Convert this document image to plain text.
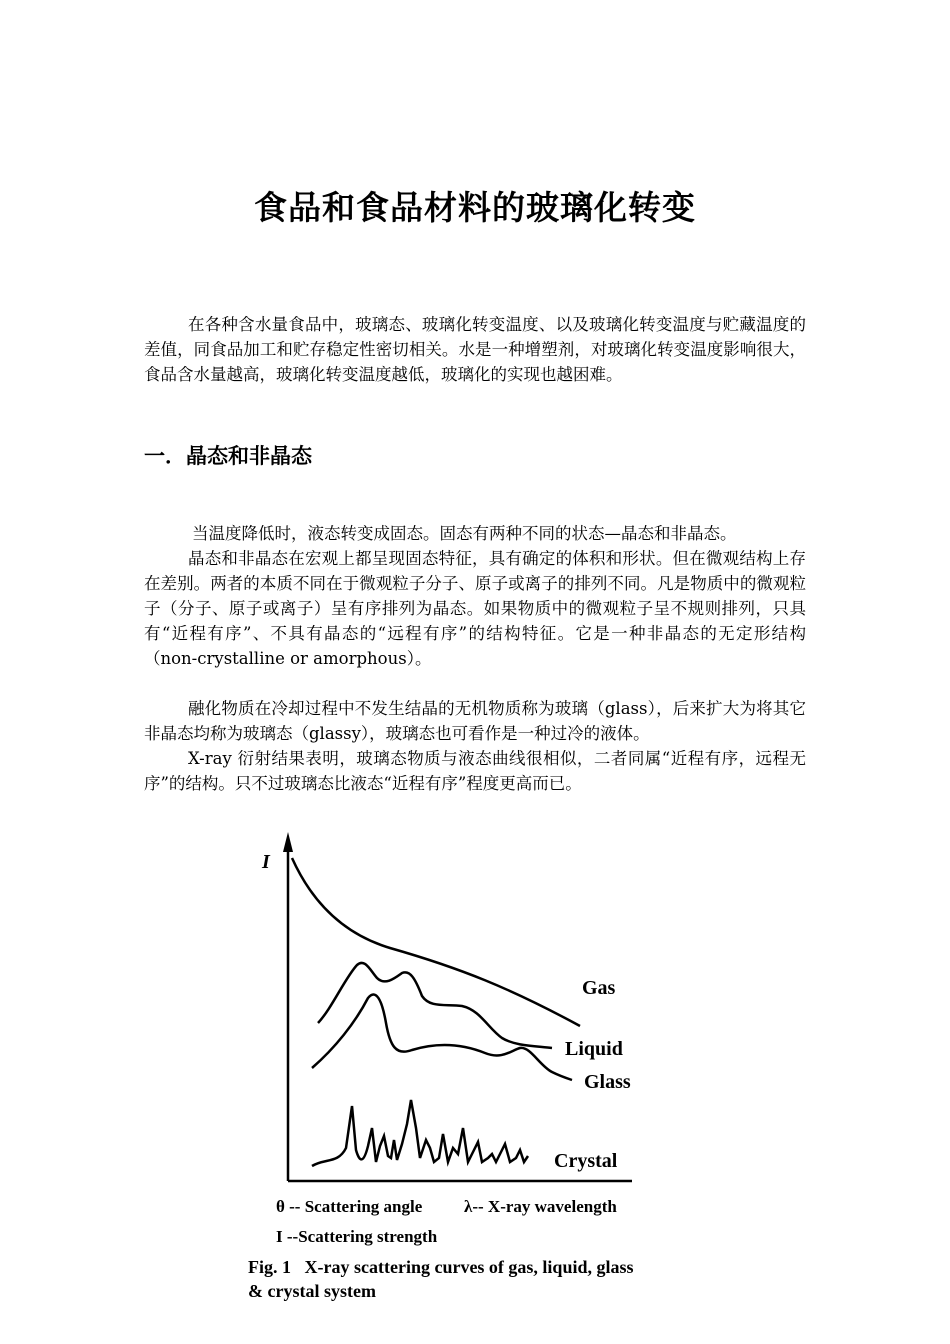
食品和食品材料的玻璃化转变
在各种含水量食品中，玻璃态、玻璃化转变温度、以及玻璃化转变温度与贮藏温度的差值，同食品加工和贮存稳定性密切相关。水是一种增塑剂，对玻璃化转变温度影响很大，食品含水量越高，玻璃化转变温度越低，玻璃化的实现也越困难。
一．晶态和非晶态
当温度降低时，液态转变成固态。固态有两种不同的状态—晶态和非晶态。
晶态和非晶态在宏观上都呈现固态特征，具有确定的体积和形状。但在微观结构上存在差别。两者的本质不同在于微观粒子分子、原子或离子的排列不同。凡是物质中的微观粒子（分子、原子或离子）呈有序排列为晶态。如果物质中的微观粒子呈不规则排列，只具有“近程有序”、不具有晶态的“远程有序”的结构特征。它是一种非晶态的无定形结构（non-crystalline or amorphous）。
融化物质在冷却过程中不发生结晶的无机物质称为玻璃（glass），后来扩大为将其它非晶态均称为玻璃态（glassy），玻璃态也可看作是一种过冷的液体。
X-ray 衍射结果表明，玻璃态物质与液态曲线很相似，二者同属“近程有序，远程无序”的结构。只不过玻璃态比液态“近程有序”程度更高而已。
I
Gas
Liquid
Glass
Crystal
θ -- Scattering angle λ-- X-ray wavelength
I --Scattering strength
Fig. 1   X-ray scattering curves of gas, liquid, glass
& crystal system
